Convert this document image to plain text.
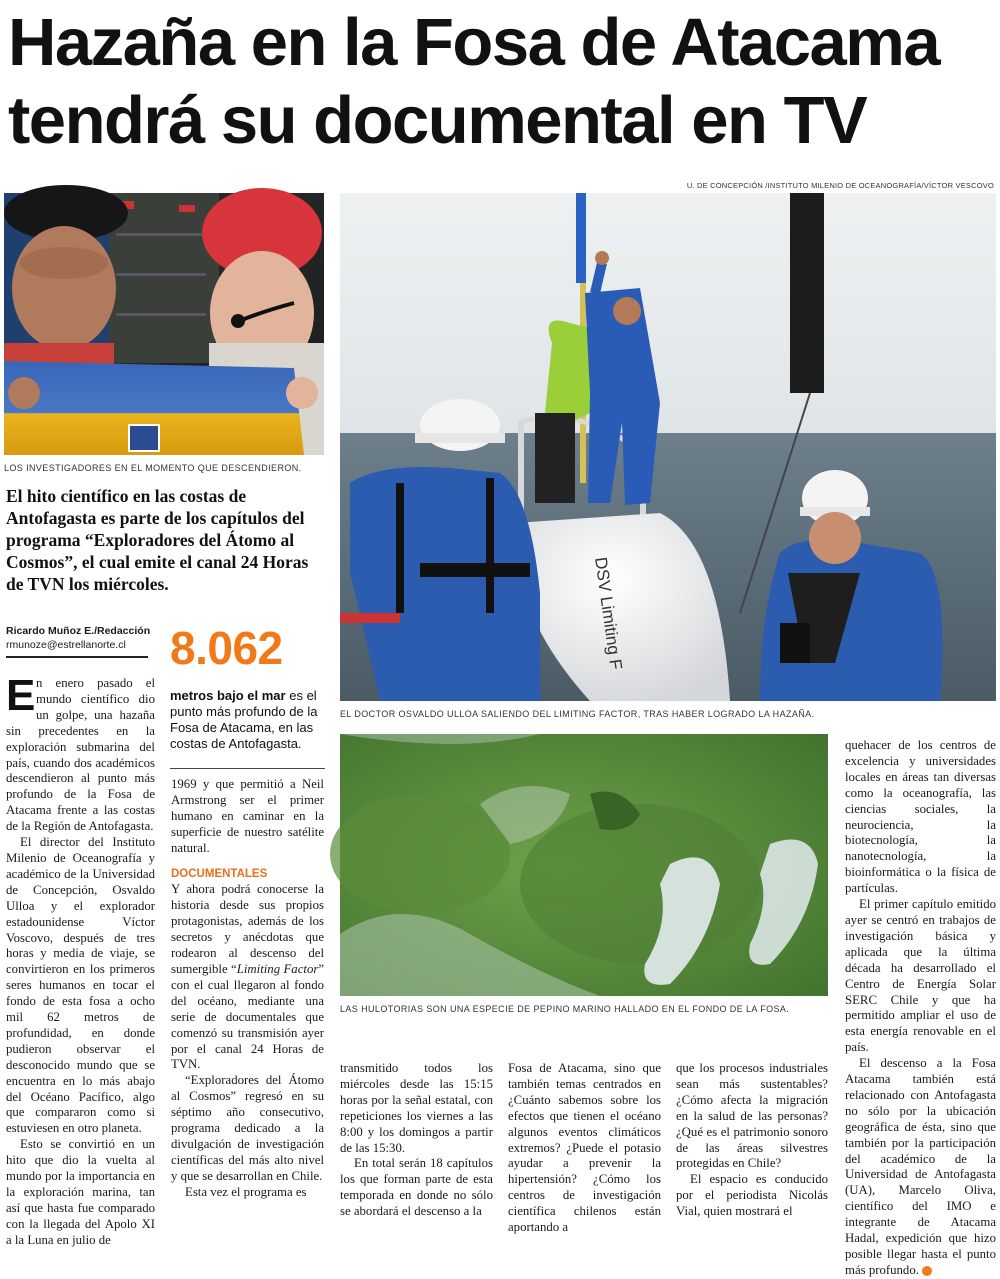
Hazaña en la Fosa de Atacama
tendrá su documental en TV
U. DE CONCEPCIÓN /INSTITUTO MILENIO DE OCEANOGRAFÍA/VÍCTOR VESCOVO
LOS INVESTIGADORES EN EL MOMENTO QUE DESCENDIERON.
DSV Limiting F
EL DOCTOR OSVALDO ULLOA SALIENDO DEL LIMITING FACTOR, TRAS HABER LOGRADO LA HAZAÑA.
LAS HULOTORIAS SON UNA ESPECIE DE PEPINO MARINO HALLADO EN EL FONDO DE LA FOSA.
El hito científico en las costas de Antofagasta es parte de los capítulos del programa “Exploradores del Átomo al Cosmos”, el cual emite el canal 24 Horas de TVN los miércoles.
Ricardo Muñoz E./Redacción
rmunoze@estrellanorte.cl 8.062
metros bajo el mar es el punto más profundo de la Fosa de Atacama, en las costas de Antofagasta.

En enero pasado el mundo científico dio un golpe, una hazaña sin precedentes en la exploración submarina del país, cuando dos académicos descendieron al punto más profundo de la Fosa de Atacama frente a las costas de la Región de Antofagasta.

El director del Instituto Milenio de Oceanografía y académico de la Universidad de Concepción, Osvaldo Ulloa y el explorador estadounidense Víctor Voscovo, después de tres horas y media de viaje, se convirtieron en los primeros seres humanos en tocar el fondo de esta fosa a ocho mil 62 metros de profundidad, en donde pudieron observar el desconocido mundo que se encuentra en lo más abajo del Océano Pacífico, algo que compararon como si estuviesen en otro planeta.

Esto se convirtió en un hito que dio la vuelta al mundo por la importancia en la exploración marina, tan así que hasta fue comparado con la llegada del Apolo XI a la Luna en julio de

1969 y que permitió a Neil Armstrong ser el primer humano en caminar en la superficie de nuestro satélite natural.

DOCUMENTALES

Y ahora podrá conocerse la historia desde sus propios protagonistas, además de los secretos y anécdotas que rodearon al descenso del sumergible “Limiting Factor” con el cual llegaron al fondo del océano, mediante una serie de documentales que comenzó su transmisión ayer por el canal 24 Horas de TVN.

“Exploradores del Átomo al Cosmos” regresó en su séptimo año consecutivo, programa dedicado a la divulgación de investigación científicas del más alto nivel y que se desarrollan en Chile.

Esta vez el programa es

transmitido todos los miércoles desde las 15:15 horas por la señal estatal, con repeticiones los viernes a las 8:00 y los domingos a partir de las 15:30.

En total serán 18 capítulos los que forman parte de esta temporada en donde no sólo se abordará el descenso a la

Fosa de Atacama, sino que también temas centrados en ¿Cuánto sabemos sobre los efectos que tienen el océano algunos eventos climáticos extremos? ¿Puede el potasio ayudar a prevenir la hipertensión? ¿Cómo los centros de investigación científica chilenos están aportando a

que los procesos industriales sean más sustentables? ¿Cómo afecta la migración en la salud de las personas? ¿Qué es el patrimonio sonoro de las áreas silvestres protegidas en Chile?

El espacio es conducido por el periodista Nicolás Vial, quien mostrará el

quehacer de los centros de excelencia y universidades locales en áreas tan diversas como la oceanografía, las ciencias sociales, la neurociencia, la biotecnología, la nanotecnología, la bioinformática o la física de partículas.

El primer capítulo emitido ayer se centró en trabajos de investigación básica y aplicada que la última década ha desarrollado el Centro de Energía Solar SERC Chile y que ha permitido ampliar el uso de esta energía renovable en el país.

El descenso a la Fosa Atacama también está relacionado con Antofagasta no sólo por la ubicación geográfica de ésta, sino que también por la participación del académico de la Universidad de Antofagasta (UA), Marcelo Oliva, científico del IMO e integrante de Atacama Hadal, expedición que hizo posible llegar hasta el punto más profundo.
